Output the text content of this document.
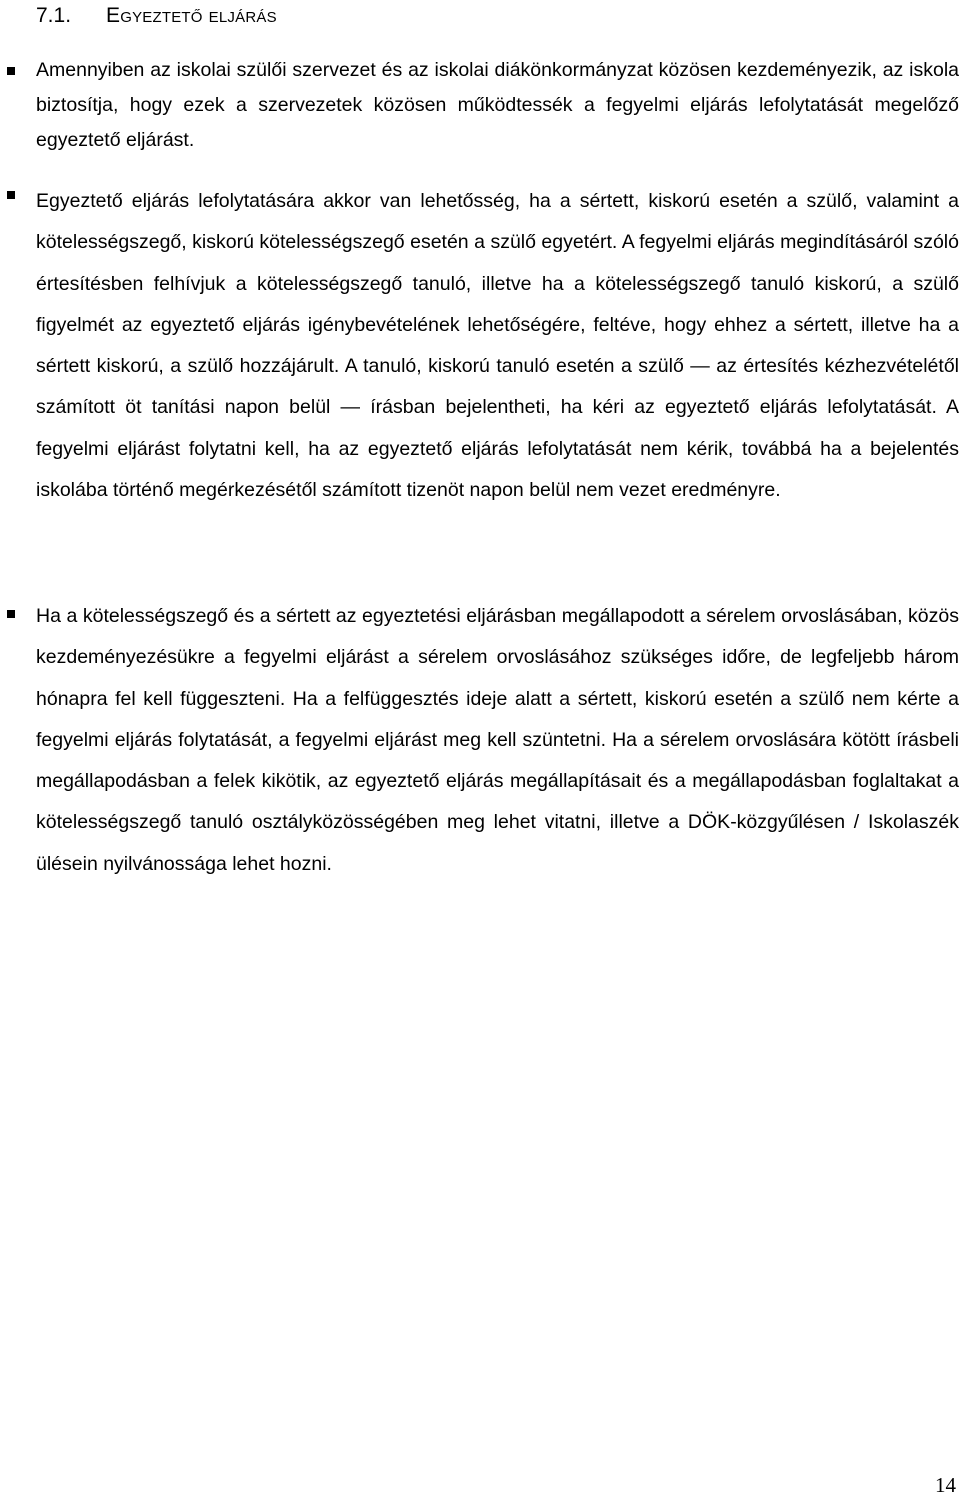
7.1. Egyeztető eljárás
Amennyiben az iskolai szülői szervezet és az iskolai diákönkormányzat közösen kezdeményezik, az iskola biztosítja, hogy ezek a szervezetek közösen működtessék a fegyelmi eljárás lefolytatását megelőző egyeztető eljárást.
Egyeztető eljárás lefolytatására akkor van lehetősség, ha a sértett, kiskorú esetén a szülő, valamint a kötelességszegő, kiskorú kötelességszegő esetén a szülő egyetért. A fegyelmi eljárás megindításáról szóló értesítésben felhívjuk a kötelességszegő tanuló, illetve ha a kötelességszegő tanuló kiskorú, a szülő figyelmét az egyeztető eljárás igénybevételének lehetőségére, feltéve, hogy ehhez a sértett, illetve ha a sértett kiskorú, a szülő hozzájárult. A tanuló, kiskorú tanuló esetén a szülő ― az értesítés kézhezvételétől számított öt tanítási napon belül ― írásban bejelentheti, ha kéri az egyeztető eljárás lefolytatását. A fegyelmi eljárást folytatni kell, ha az egyeztető eljárás lefolytatását nem kérik, továbbá ha a bejelentés iskolába történő megérkezésétől számított tizenöt napon belül nem vezet eredményre.
Ha a kötelességszegő és a sértett az egyeztetési eljárásban megállapodott a sérelem orvoslásában, közös kezdeményezésükre a fegyelmi eljárást a sérelem orvoslásához szükséges időre, de legfeljebb három hónapra fel kell függeszteni. Ha a felfüggesztés ideje alatt a sértett, kiskorú esetén a szülő nem kérte a fegyelmi eljárás folytatását, a fegyelmi eljárást meg kell szüntetni. Ha a sérelem orvoslására kötött írásbeli megállapodásban a felek kikötik, az egyeztető eljárás megállapításait és a megállapodásban foglaltakat a kötelességszegő tanuló osztályközösségében meg lehet vitatni, illetve a DÖK-közgyűlésen / Iskolaszék ülésein nyilvánossága lehet hozni.
14
